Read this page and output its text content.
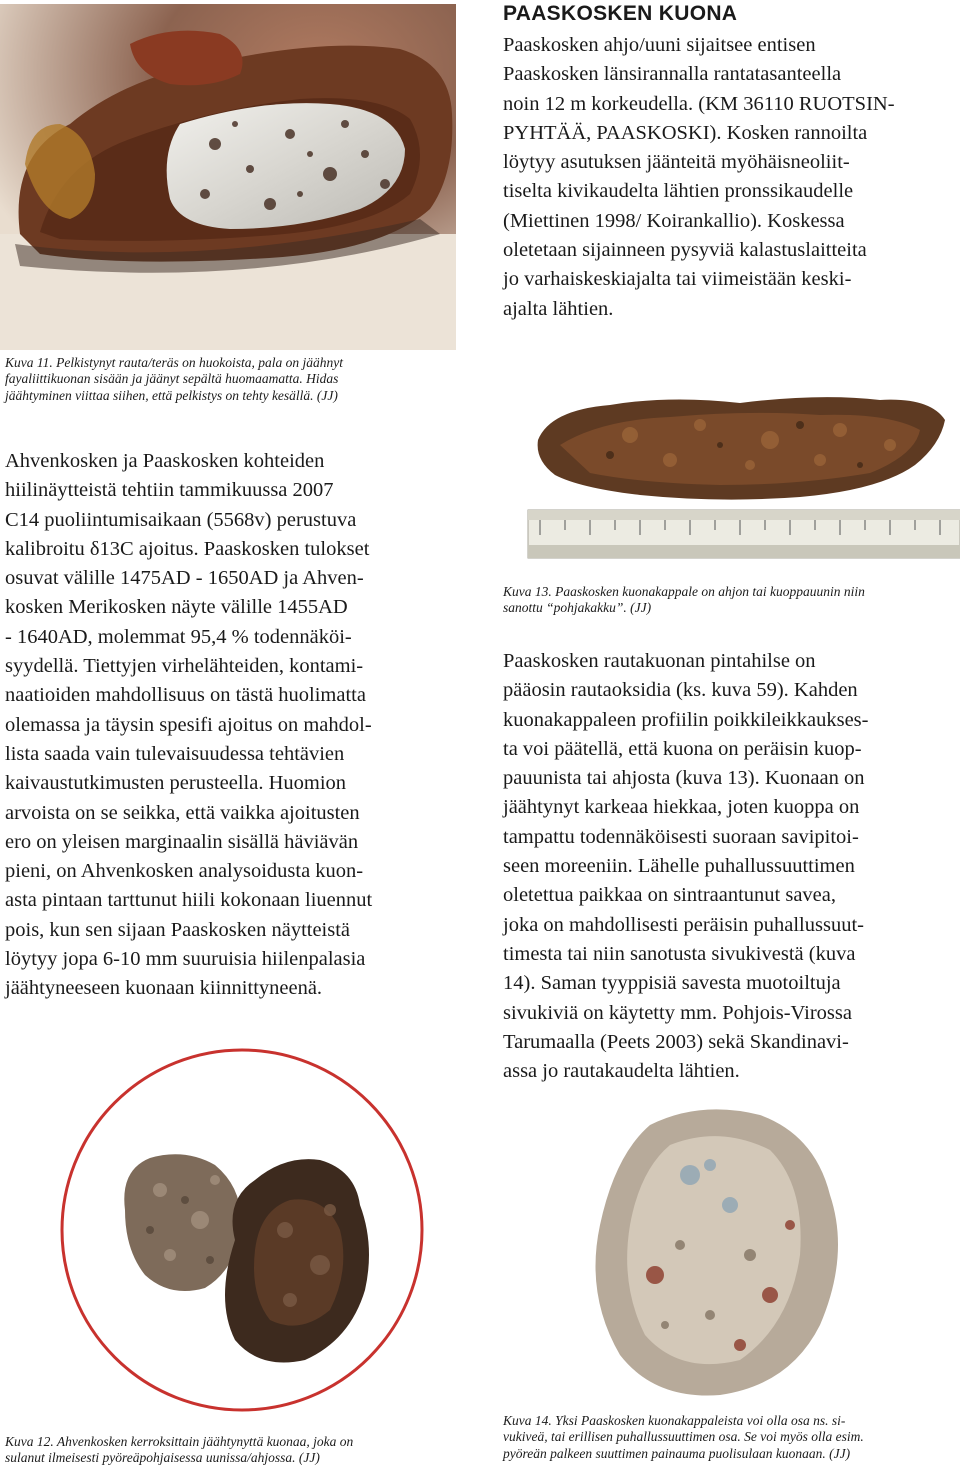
PAASKOSKEN KUONA

Paaskosken ahjo/uuni sijaitsee entisen
Paaskosken länsirannalla rantatasanteella
noin 12 m korkeudella. (KM 36110 RUOTSIN-
PYHTÄÄ, PAASKOSKI). Kosken rannoilta
löytyy asutuksen jäänteitä myöhäisneoliit-
tiselta kivikaudelta lähtien pronssikaudelle
(Miettinen 1998/ Koirankallio). Koskessa
oletetaan sijainneen pysyviä kalastuslaitteita
jo varhaiskeskiajalta tai viimeistään keski-
ajalta lähtien.

Kuva 11. Pelkistynyt rauta/teräs on huokoista, pala on jäähnyt
fayaliittikuonan sisään ja jäänyt sepältä huomaamatta. Hidas
jäähtyminen viittaa siihen, että pelkistys on tehty kesällä. (JJ)

Ahvenkosken ja Paaskosken kohteiden
hiilinäytteistä tehtiin tammikuussa 2007
C14 puoliintumisaikaan (5568v) perustuva
kalibroitu δ13C ajoitus. Paaskosken tulokset
osuvat välille 1475AD - 1650AD ja Ahven-
kosken Merikosken näyte välille 1455AD
- 1640AD, molemmat 95,4 % todennäköi-
syydellä. Tiettyjen virhelähteiden, kontami-
naatioiden mahdollisuus on tästä huolimatta
olemassa ja täysin spesifi ajoitus on mahdol-
lista saada vain tulevaisuudessa tehtävien
kaivaustutkimusten perusteella. Huomion
arvoista on se seikka, että vaikka ajoitusten
ero on yleisen marginaalin sisällä häviävän
pieni, on Ahvenkosken analysoidusta kuon-
asta pintaan tarttunut hiili kokonaan liuennut
pois, kun sen sijaan Paaskosken näytteistä
löytyy jopa 6-10 mm suuruisia hiilenpalasia
jäähtyneeseen kuonaan kiinnittyneenä.

Kuva 13. Paaskosken kuonakappale on ahjon tai kuoppauunin niin
sanottu “pohjakakku”. (JJ)

Paaskosken rautakuonan pintahilse on
pääosin rautaoksidia (ks. kuva 59). Kahden
kuonakappaleen profiilin poikkileikkaukses-
ta voi päätellä, että kuona on peräisin kuop-
pauunista tai ahjosta (kuva 13). Kuonaan on
jäähtynyt karkeaa hiekkaa, joten kuoppa on
tampattu todennäköisesti suoraan savipitoi-
seen moreeniin. Lähelle puhallussuuttimen
oletettua paikkaa on sintraantunut savea,
joka on mahdollisesti peräisin puhallussuut-
timesta tai niin sanotusta sivukivestä (kuva
14). Saman tyyppisiä savesta muotoiltuja
sivukiviä on käytetty mm. Pohjois-Virossa
Tarumaalla (Peets 2003) sekä Skandinavi-
assa jo rautakaudelta lähtien.

Kuva 14. Yksi Paaskosken kuonakappaleista voi olla osa ns. si-
vukiveä, tai erillisen puhallussuuttimen osa. Se voi myös olla esim.
pyöreän palkeen suuttimen painauma puolisulaan kuonaan. (JJ)

Kuva 12. Ahvenkosken kerroksittain jäähtynyttä kuonaa, joka on
sulanut ilmeisesti pyöreäpohjaisessa uunissa/ahjossa. (JJ)
